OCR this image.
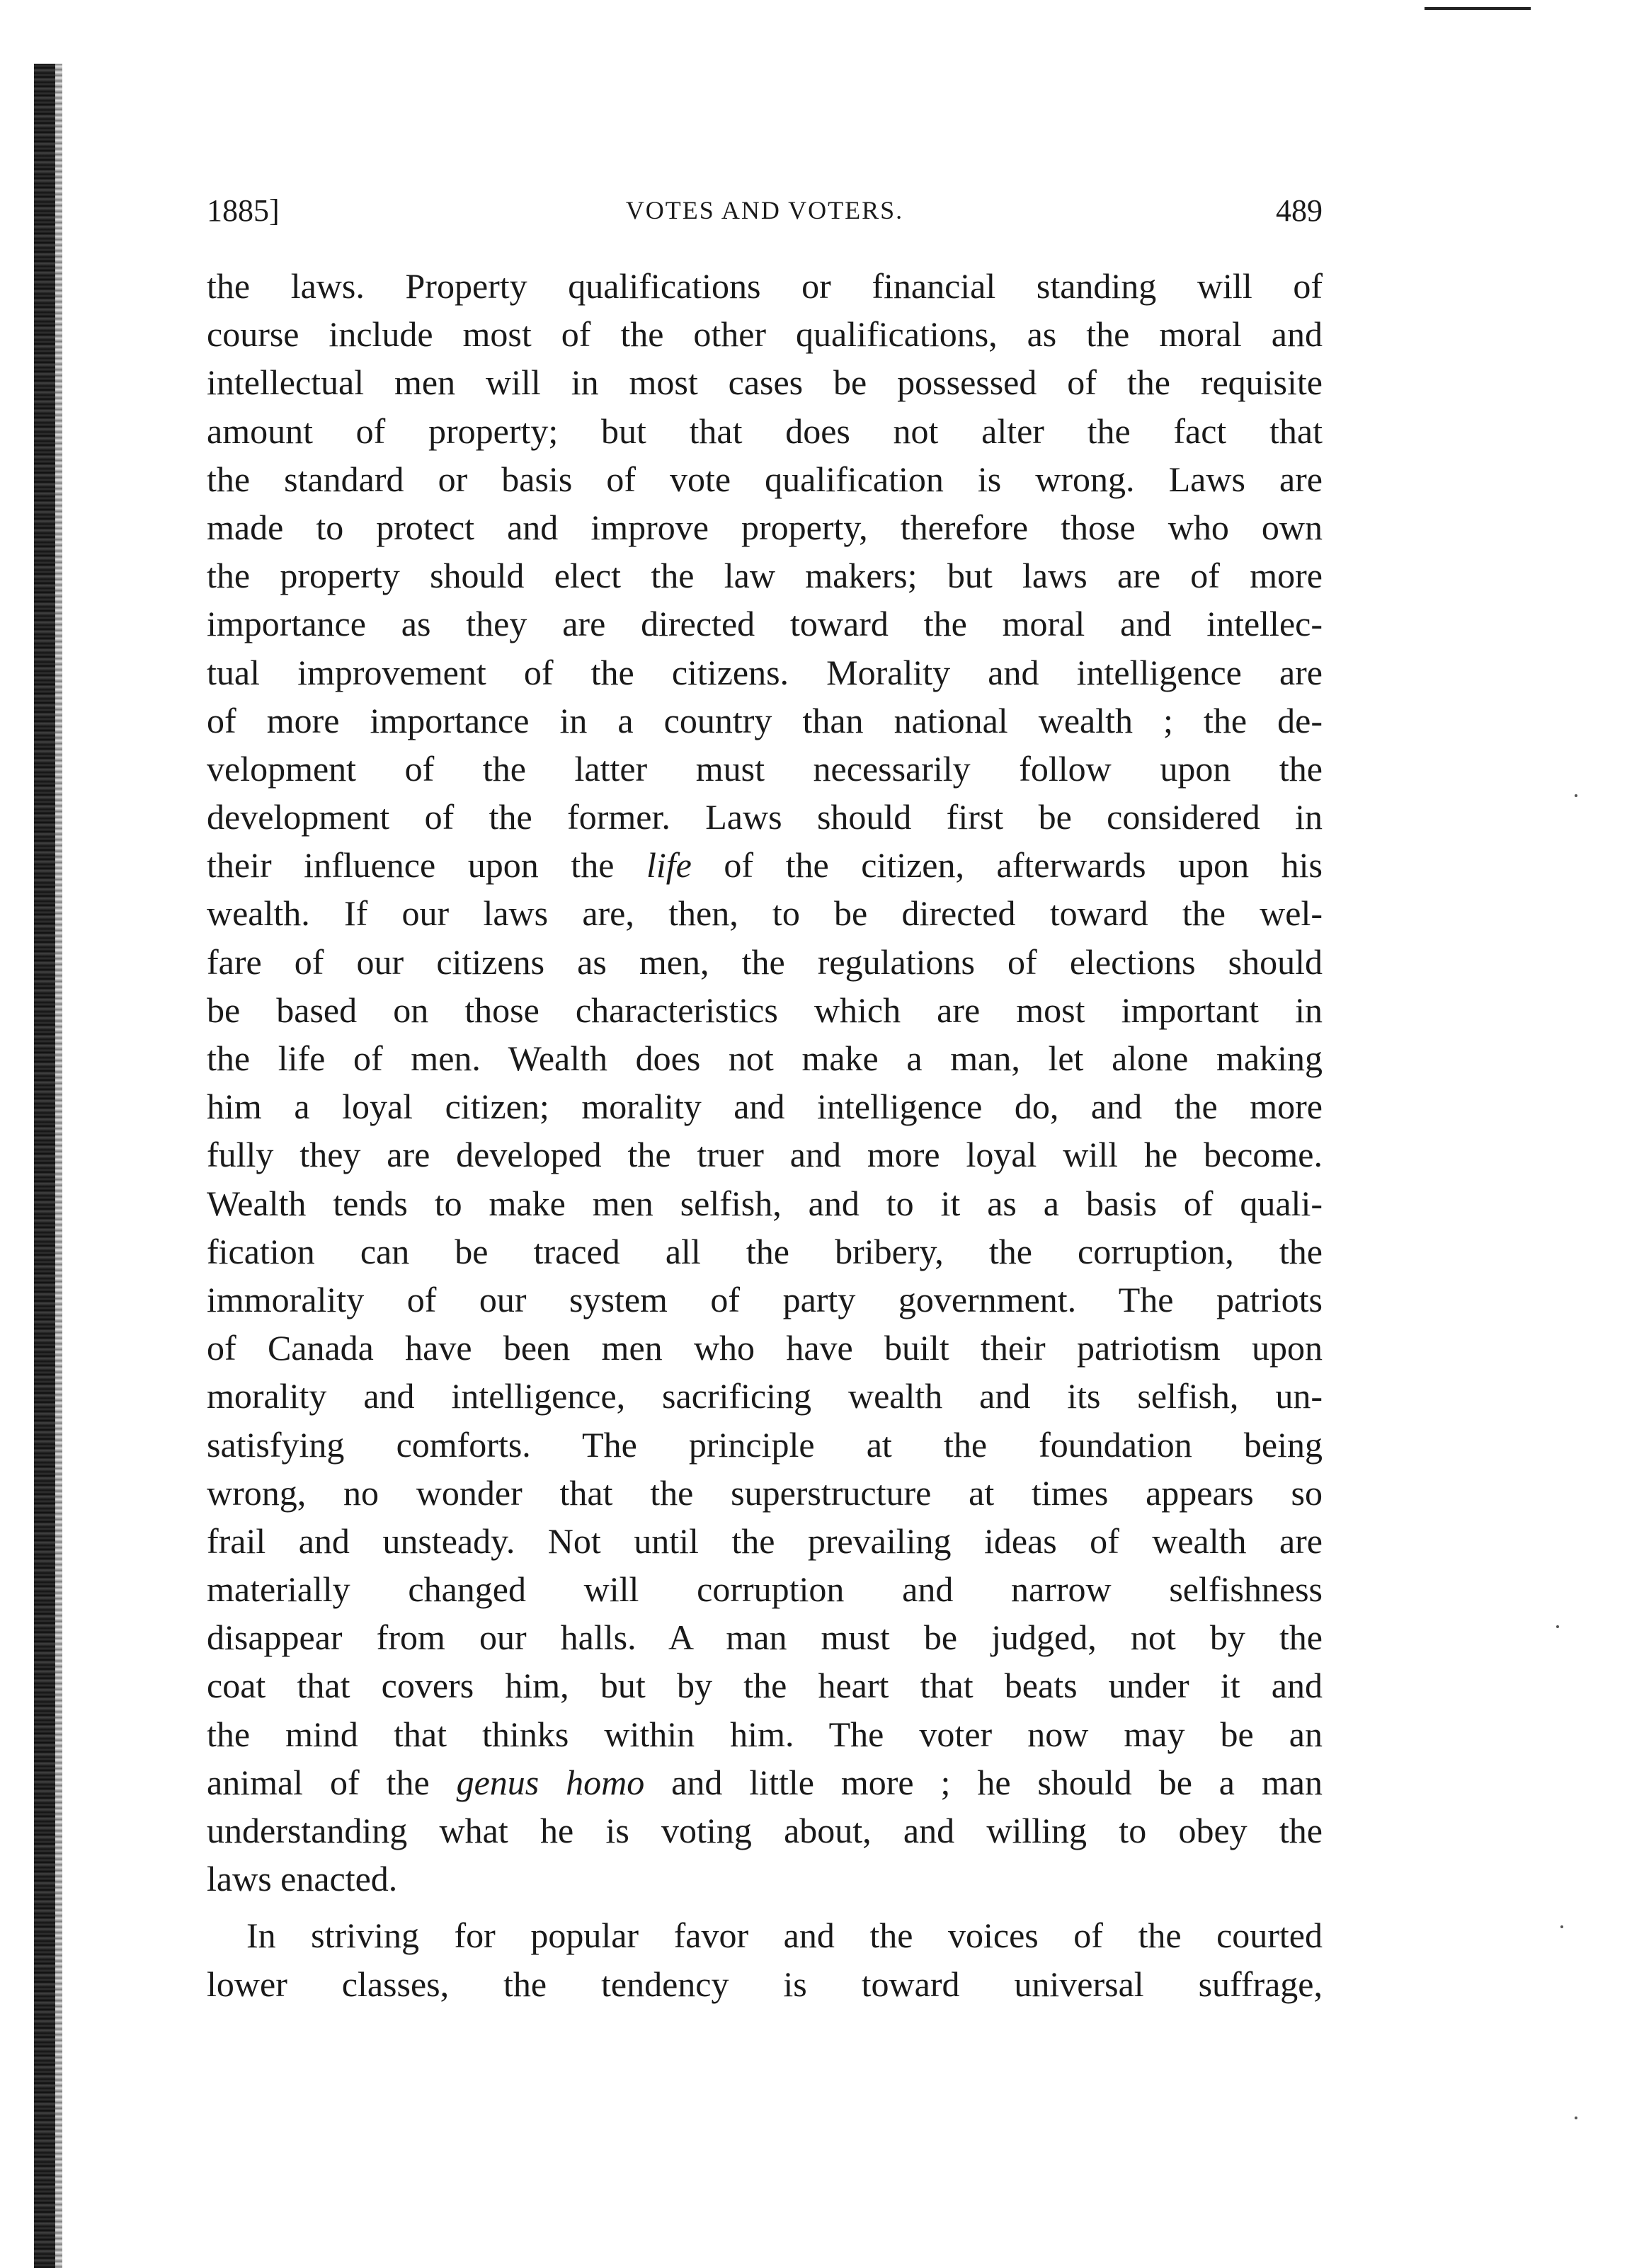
1885]	VOTES AND VOTERS.	489
the laws. Property qualifications or financial standing will of
course include most of the other qualifications, as the moral and
intellectual men will in most cases be possessed of the requisite
amount of property; but that does not alter the fact that
the standard or basis of vote qualification is wrong. Laws are
made to protect and improve property, therefore those who own
the property should elect the law makers; but laws are of more
importance as they are directed toward the moral and intellec-
tual improvement of the citizens. Morality and intelligence are
of more importance in a country than national wealth ; the de-
velopment of the latter must necessarily follow upon the
development of the former. Laws should first be considered in
their influence upon the life of the citizen, afterwards upon his
wealth. If our laws are, then, to be directed toward the wel-
fare of our citizens as men, the regulations of elections should
be based on those characteristics which are most important in
the life of men. Wealth does not make a man, let alone making
him a loyal citizen; morality and intelligence do, and the more
fully they are developed the truer and more loyal will he become.
Wealth tends to make men selfish, and to it as a basis of quali-
fication can be traced all the bribery, the corruption, the
immorality of our system of party government. The patriots
of Canada have been men who have built their patriotism upon
morality and intelligence, sacrificing wealth and its selfish, un-
satisfying comforts. The principle at the foundation being
wrong, no wonder that the superstructure at times appears so
frail and unsteady. Not until the prevailing ideas of wealth are
materially changed will corruption and narrow selfishness
disappear from our halls. A man must be judged, not by the
coat that covers him, but by the heart that beats under it and
the mind that thinks within him. The voter now may be an
animal of the genus homo and little more ; he should be a man
understanding what he is voting about, and willing to obey the
laws enacted.
In striving for popular favor and the voices of the courted
lower classes, the tendency is toward universal suffrage,
